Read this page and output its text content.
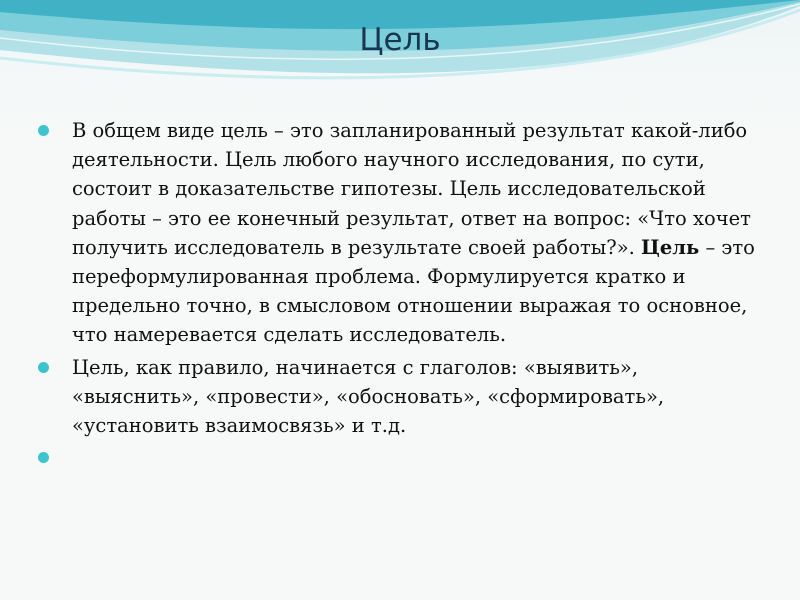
Цель
В общем виде цель – это запланированный результат какой-либо деятельности. Цель любого научного исследования, по сути, состоит в доказательстве гипотезы. Цель исследовательской работы – это ее конечный результат, ответ на вопрос: «Что хочет получить исследователь в результате своей работы?». Цель – это переформулированная проблема. Формулируется кратко и предельно точно, в смысловом отношении выражая то основное, что намеревается сделать исследователь.
Цель, как правило, начинается с глаголов: «выявить», «выяснить», «провести», «обосновать», «сформировать», «установить взаимосвязь» и т.д.
